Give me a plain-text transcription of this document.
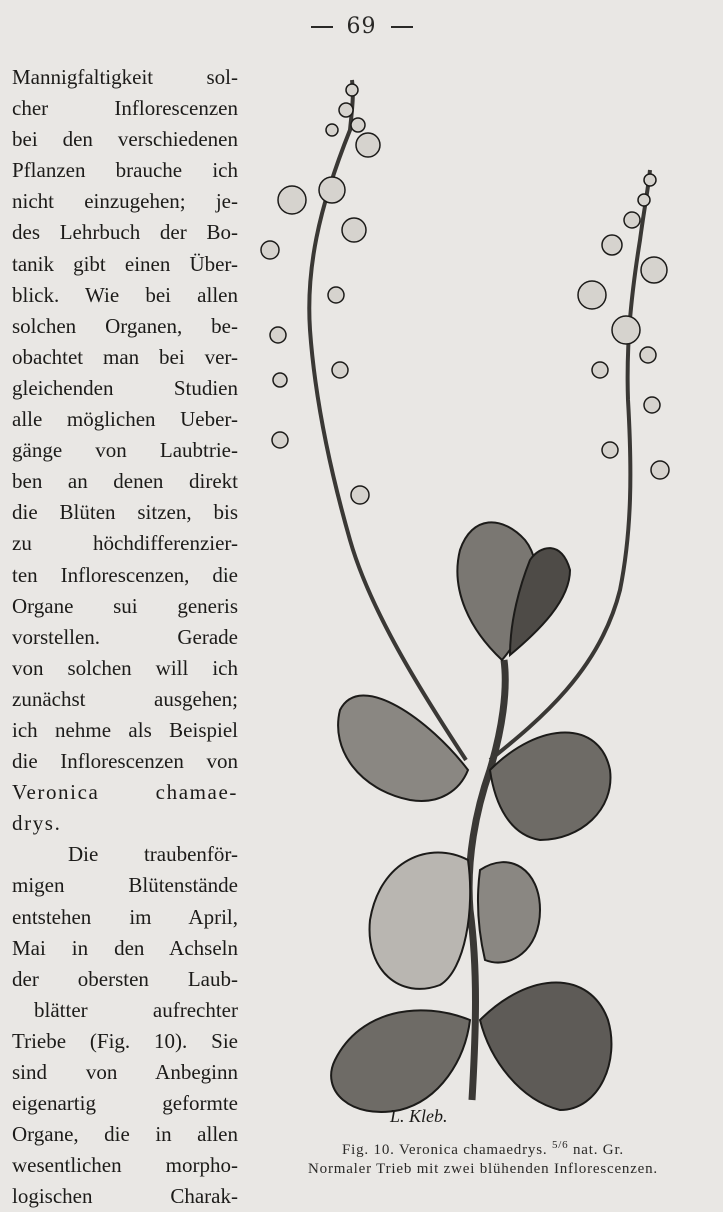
69
Mannigfaltigkeit sol-
cher Inflorescenzen
bei den verschiedenen
Pflanzen brauche ich
nicht einzugehen; je-
des Lehrbuch der Bo-
tanik gibt einen Über-
blick. Wie bei allen
solchen Organen, be-
obachtet man bei ver-
gleichenden Studien
alle möglichen Ueber-
gänge von Laubtrie-
ben an denen direkt
die Blüten sitzen, bis
zu höchdifferenzier-
ten Inflorescenzen, die
Organe sui generis
vorstellen. Gerade
von solchen will ich
zunächst ausgehen;
ich nehme als Beispiel
die Inflorescenzen von
Veronica chamae-
drys.
Die traubenför-
migen Blütenstände
entstehen im April,
Mai in den Achseln
der obersten Laub-
blätter aufrechter
Triebe (Fig. 10). Sie
sind von Anbeginn
eigenartig geformte
Organe, die in allen
wesentlichen morpho-
logischen Charak-
L. Kleb.
Fig. 10. Veronica chamaedrys. $^{5/6}$ nat. Gr.
Normaler Trieb mit zwei blühenden Inflorescenzen.
